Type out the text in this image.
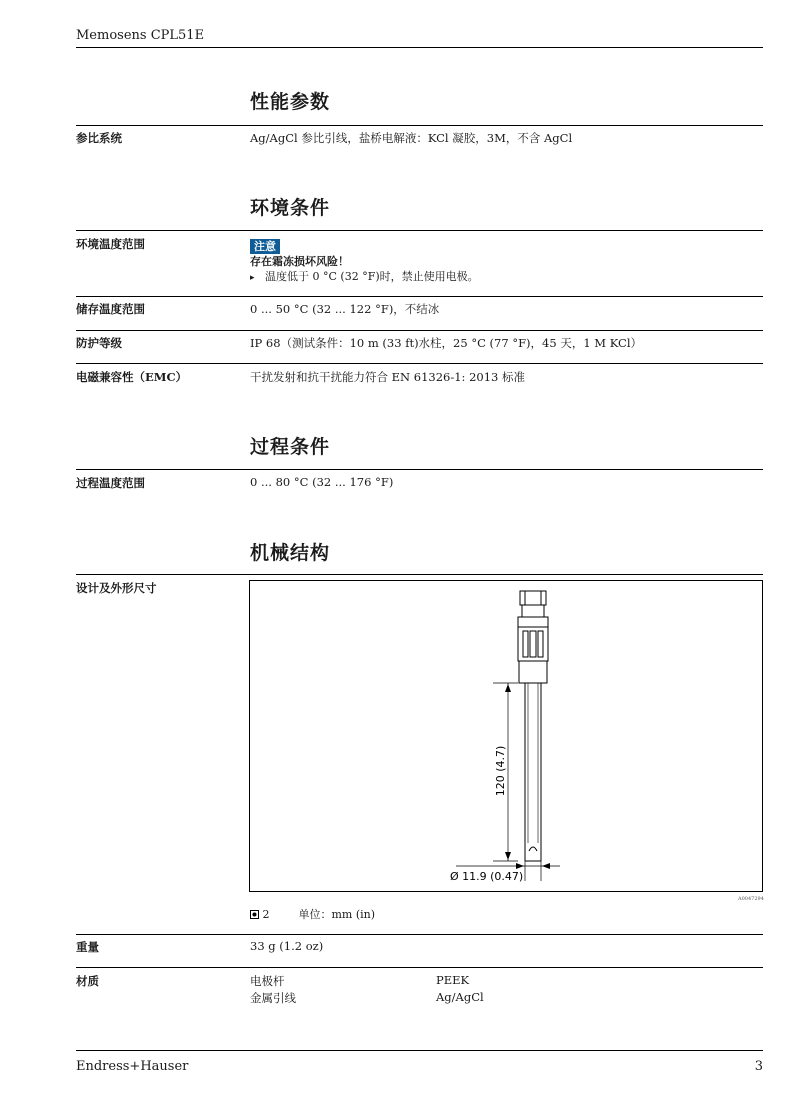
Memosens CPL51E
性能参数
参比系统	Ag/AgCl 参比引线，盐桥电解液：KCl 凝胶，3M，不含 AgCl
环境条件
环境温度范围	注意
存在霜冻损坏风险！
▸ 温度低于 0 °C (32 °F)时，禁止使用电极。
储存温度范围	0 ... 50 °C (32 ... 122 °F)，不结冰
防护等级	IP 68（测试条件：10 m (33 ft)水柱，25 °C (77 °F)，45 天，1 M KCl）
电磁兼容性（EMC）	干扰发射和抗干扰能力符合 EN 61326-1: 2013 标准
过程条件
过程温度范围	0 ... 80 °C (32 ... 176 °F)
机械结构
设计及外形尺寸
120 (4.7)
Ø 11.9 (0.47)
A0047294
2	单位：mm (in)
重量	33 g (1.2 oz)
材质	电极杆	PEEK
金属引线	Ag/AgCl
Endress+Hauser	3
